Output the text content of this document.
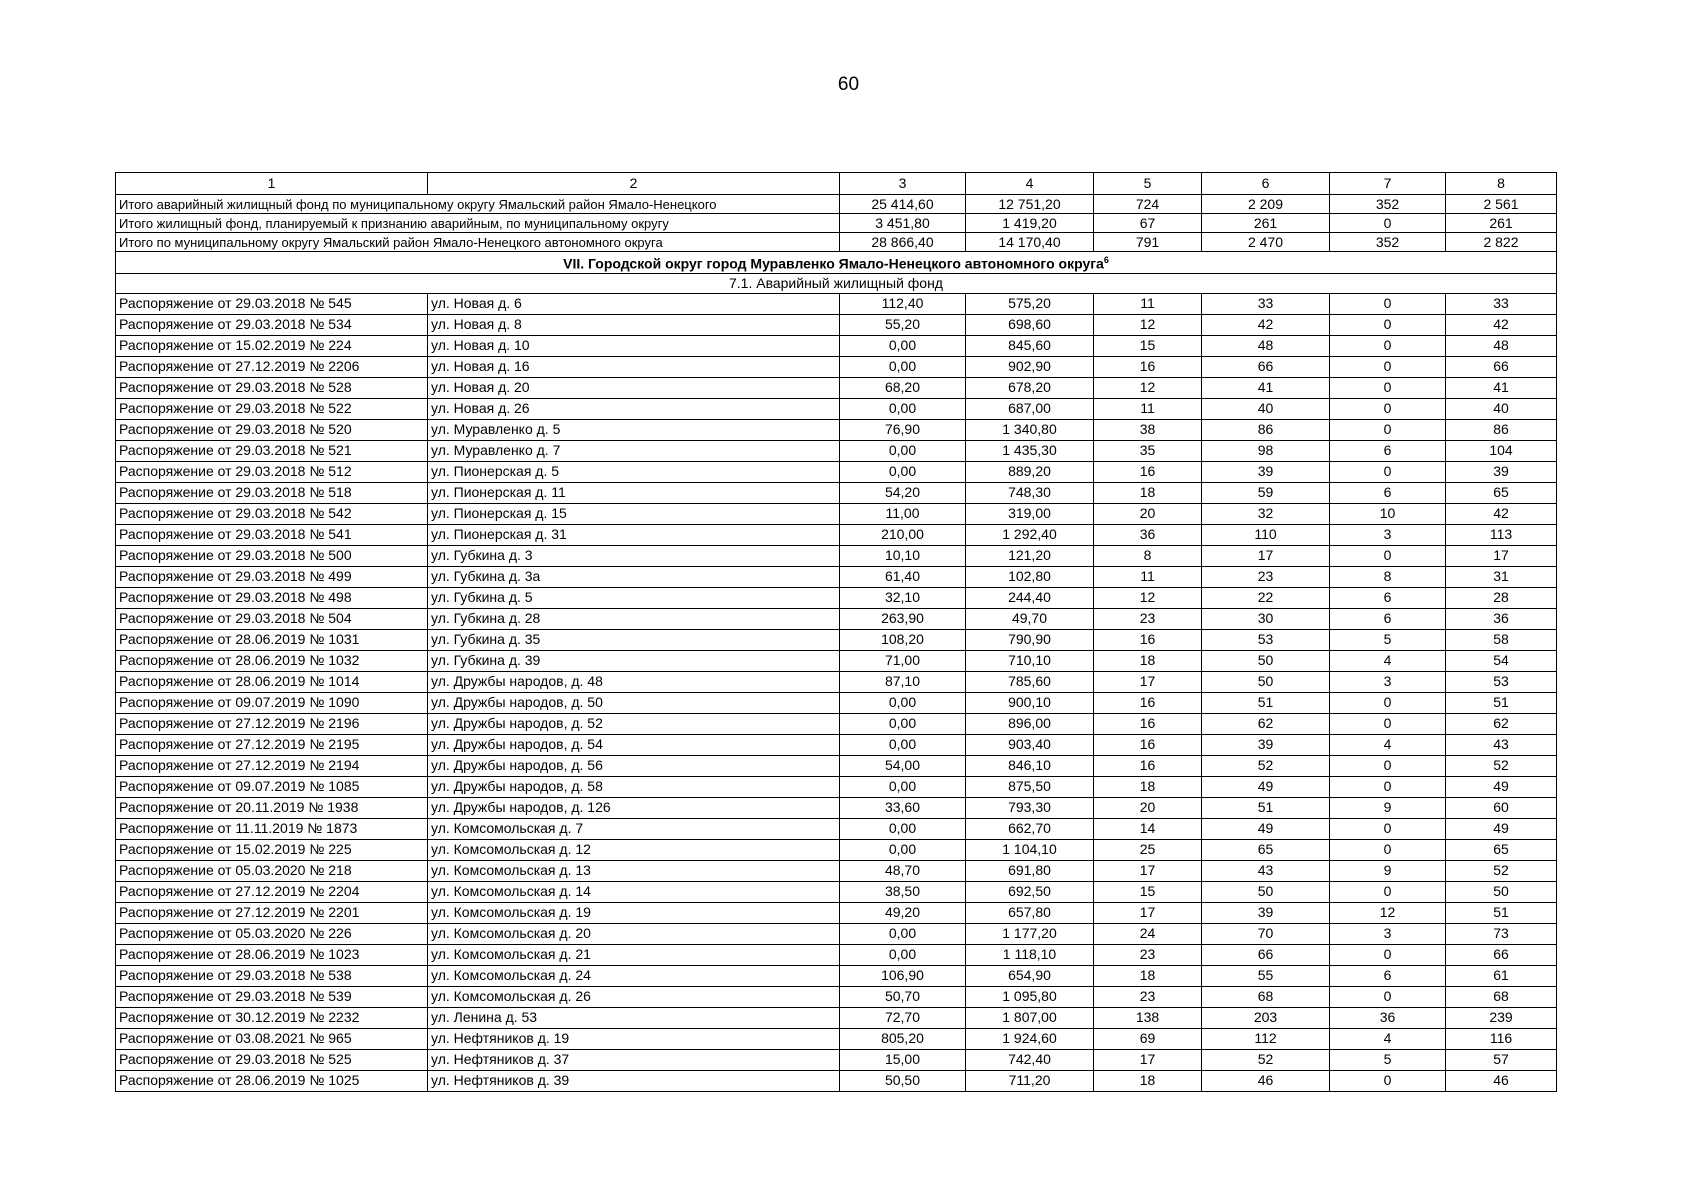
60
1	2	3	4	5	6	7	8
Итого аварийный жилищный фонд по муниципальному округу Ямальский район Ямало-Ненецкого		25 414,60	12 751,20	724	2 209	352	2 561
Итого жилищный фонд, планируемый к признанию аварийным, по муниципальному округу		3 451,80	1 419,20	67	261	0	261
Итого по муниципальному округу Ямальский район Ямало-Ненецкого автономного округа		28 866,40	14 170,40	791	2 470	352	2 822
VII. Городской округ город Муравленко Ямало-Ненецкого автономного округа$^6$
7.1. Аварийный жилищный фонд							
Распоряжение от 29.03.2018 № 545	ул. Новая д. 6	112,40	575,20	11	33	0	33
Распоряжение от 29.03.2018 № 534	ул. Новая д. 8	55,20	698,60	12	42	0	42
Распоряжение от 15.02.2019 № 224	ул. Новая д. 10	0,00	845,60	15	48	0	48
Распоряжение от 27.12.2019 № 2206	ул. Новая д. 16	0,00	902,90	16	66	0	66
Распоряжение от 29.03.2018 № 528	ул. Новая д. 20	68,20	678,20	12	41	0	41
Распоряжение от 29.03.2018 № 522	ул. Новая д. 26	0,00	687,00	11	40	0	40
Распоряжение от 29.03.2018 № 520	ул. Муравленко д. 5	76,90	1 340,80	38	86	0	86
Распоряжение от 29.03.2018 № 521	ул. Муравленко д. 7	0,00	1 435,30	35	98	6	104
Распоряжение от 29.03.2018 № 512	ул. Пионерская д. 5	0,00	889,20	16	39	0	39
Распоряжение от 29.03.2018 № 518	ул. Пионерская д. 11	54,20	748,30	18	59	6	65
Распоряжение от 29.03.2018 № 542	ул. Пионерская д. 15	11,00	319,00	20	32	10	42
Распоряжение от 29.03.2018 № 541	ул. Пионерская д. 31	210,00	1 292,40	36	110	3	113
Распоряжение от 29.03.2018 № 500	ул. Губкина д. 3	10,10	121,20	8	17	0	17
Распоряжение от 29.03.2018 № 499	ул. Губкина д. 3а	61,40	102,80	11	23	8	31
Распоряжение от 29.03.2018 № 498	ул. Губкина д. 5	32,10	244,40	12	22	6	28
Распоряжение от 29.03.2018 № 504	ул. Губкина д. 28	263,90	49,70	23	30	6	36
Распоряжение от 28.06.2019 № 1031	ул. Губкина д. 35	108,20	790,90	16	53	5	58
Распоряжение от 28.06.2019 № 1032	ул. Губкина д. 39	71,00	710,10	18	50	4	54
Распоряжение от 28.06.2019 № 1014	ул. Дружбы народов, д. 48	87,10	785,60	17	50	3	53
Распоряжение от 09.07.2019 № 1090	ул. Дружбы народов, д. 50	0,00	900,10	16	51	0	51
Распоряжение от 27.12.2019 № 2196	ул. Дружбы народов, д. 52	0,00	896,00	16	62	0	62
Распоряжение от 27.12.2019 № 2195	ул. Дружбы народов, д. 54	0,00	903,40	16	39	4	43
Распоряжение от 27.12.2019 № 2194	ул. Дружбы народов, д. 56	54,00	846,10	16	52	0	52
Распоряжение от 09.07.2019 № 1085	ул. Дружбы народов, д. 58	0,00	875,50	18	49	0	49
Распоряжение от 20.11.2019 № 1938	ул. Дружбы народов, д. 126	33,60	793,30	20	51	9	60
Распоряжение от 11.11.2019 № 1873	ул. Комсомольская д. 7	0,00	662,70	14	49	0	49
Распоряжение от 15.02.2019 № 225	ул. Комсомольская д. 12	0,00	1 104,10	25	65	0	65
Распоряжение от 05.03.2020 № 218	ул. Комсомольская д. 13	48,70	691,80	17	43	9	52
Распоряжение от 27.12.2019 № 2204	ул. Комсомольская д. 14	38,50	692,50	15	50	0	50
Распоряжение от 27.12.2019 № 2201	ул. Комсомольская д. 19	49,20	657,80	17	39	12	51
Распоряжение от 05.03.2020 № 226	ул. Комсомольская д. 20	0,00	1 177,20	24	70	3	73
Распоряжение от 28.06.2019 № 1023	ул. Комсомольская д. 21	0,00	1 118,10	23	66	0	66
Распоряжение от 29.03.2018 № 538	ул. Комсомольская д. 24	106,90	654,90	18	55	6	61
Распоряжение от 29.03.2018 № 539	ул. Комсомольская д. 26	50,70	1 095,80	23	68	0	68
Распоряжение от 30.12.2019 № 2232	ул. Ленина д. 53	72,70	1 807,00	138	203	36	239
Распоряжение от 03.08.2021 № 965	ул. Нефтяников д. 19	805,20	1 924,60	69	112	4	116
Распоряжение от 29.03.2018 № 525	ул. Нефтяников д. 37	15,00	742,40	17	52	5	57
Распоряжение от 28.06.2019 № 1025	ул. Нефтяников д. 39	50,50	711,20	18	46	0	46
